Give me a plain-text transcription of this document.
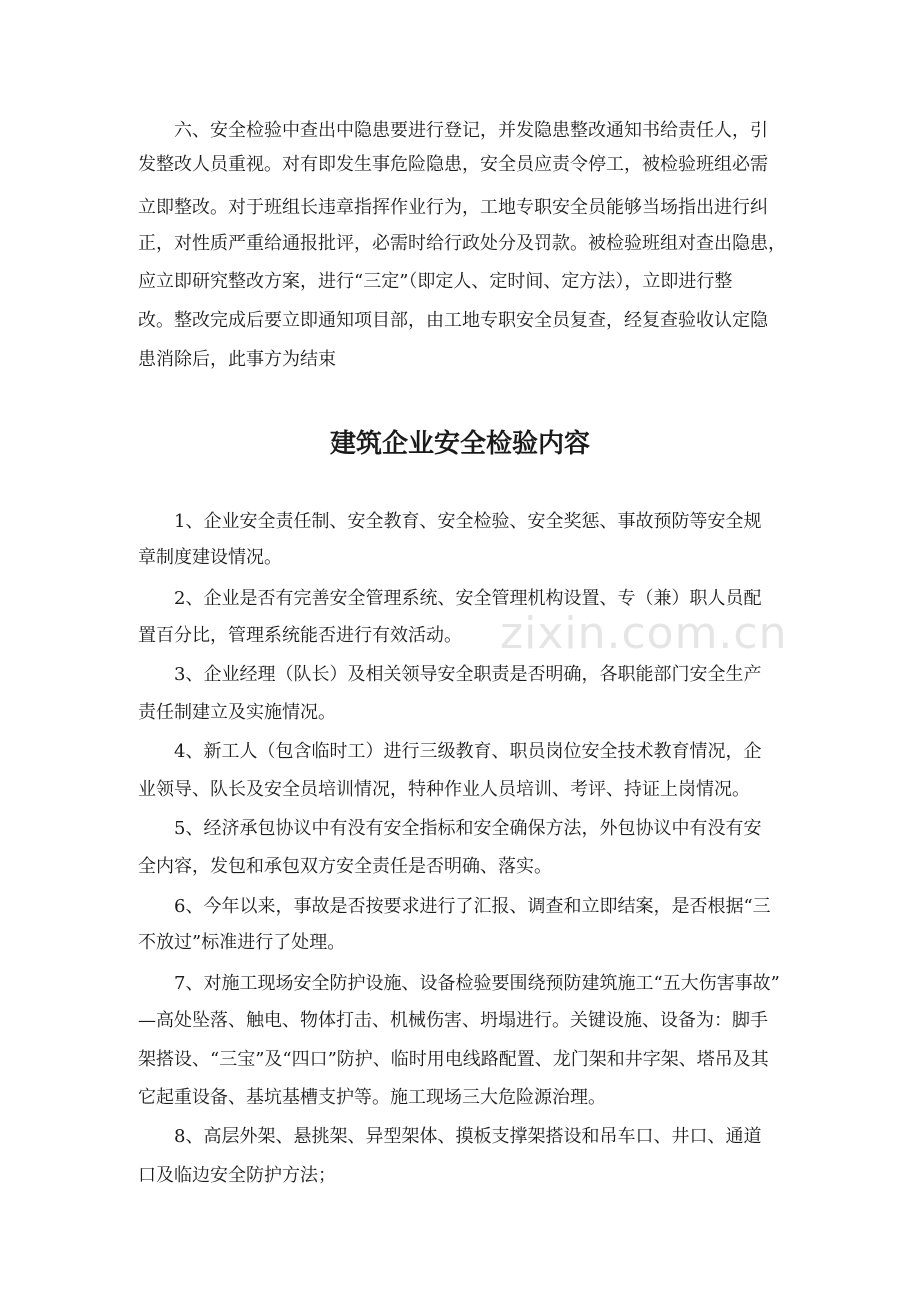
六、安全检验中查出中隐患要进行登记，并发隐患整改通知书给责任人，引
发整改人员重视。对有即发生事危险隐患，安全员应责令停工，被检验班组必需
立即整改。对于班组长违章指挥作业行为，工地专职安全员能够当场指出进行纠
正，对性质严重给通报批评，必需时给行政处分及罚款。被检验班组对查出隐患，
应立即研究整改方案，进行“三定”（即定人、定时间、定方法），立即进行整
改。整改完成后要立即通知项目部，由工地专职安全员复查，经复查验收认定隐
患消除后，此事方为结束
建筑企业安全检验内容
1、企业安全责任制、安全教育、安全检验、安全奖惩、事故预防等安全规
章制度建设情况。
2、企业是否有完善安全管理系统、安全管理机构设置、专（兼）职人员配
置百分比，管理系统能否进行有效活动。
3、企业经理（队长）及相关领导安全职责是否明确，各职能部门安全生产
责任制建立及实施情况。
4、新工人（包含临时工）进行三级教育、职员岗位安全技术教育情况，企
业领导、队长及安全员培训情况，特种作业人员培训、考评、持证上岗情况。
5、经济承包协议中有没有安全指标和安全确保方法，外包协议中有没有安
全内容，发包和承包双方安全责任是否明确、落实。
6、今年以来，事故是否按要求进行了汇报、调查和立即结案，是否根据“三
不放过”标准进行了处理。
7、对施工现场安全防护设施、设备检验要围绕预防建筑施工“五大伤害事故”
—高处坠落、触电、物体打击、机械伤害、坍塌进行。关键设施、设备为：脚手
架搭设、“三宝”及“四口”防护、临时用电线路配置、龙门架和井字架、塔吊及其
它起重设备、基坑基槽支护等。施工现场三大危险源治理。
8、高层外架、悬挑架、异型架体、摸板支撑架搭设和吊车口、井口、通道
口及临边安全防护方法；
zixin.com.cn
